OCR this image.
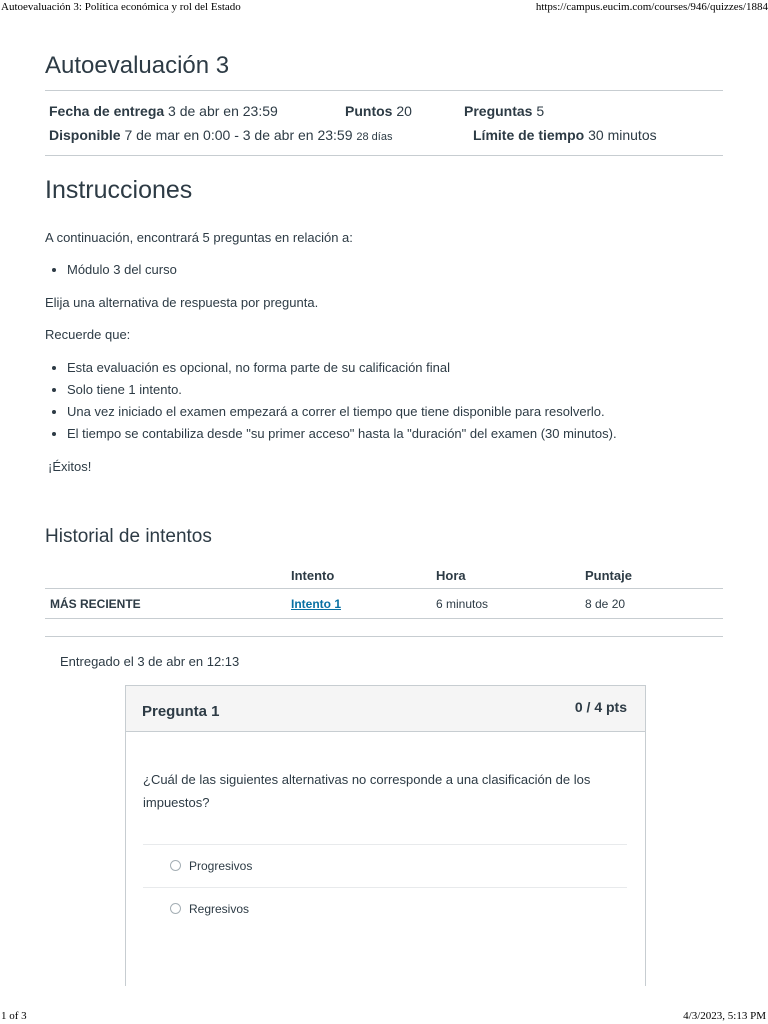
Autoevaluación 3: Política económica y rol del Estado	https://campus.eucim.com/courses/946/quizzes/1884
Autoevaluación 3
Fecha de entrega 3 de abr en 23:59	Puntos 20	Preguntas 5
Disponible 7 de mar en 0:00 - 3 de abr en 23:59 28 días	Límite de tiempo 30 minutos
Instrucciones
A continuación, encontrará 5 preguntas en relación a:
• Módulo 3 del curso
Elija una alternativa de respuesta por pregunta.
Recuerde que:
• Esta evaluación es opcional, no forma parte de su calificación final
• Solo tiene 1 intento.
• Una vez iniciado el examen empezará a correr el tiempo que tiene disponible para resolverlo.
• El tiempo se contabiliza desde "su primer acceso" hasta la "duración" del examen (30 minutos).
¡Éxitos!
Historial de intentos
	Intento	Hora	Puntaje
MÁS RECIENTE	Intento 1	6 minutos	8 de 20
Entregado el 3 de abr en 12:13
Pregunta 1	0 / 4 pts
¿Cuál de las siguientes alternativas no corresponde a una clasificación de los impuestos?
Progresivos
Regresivos
1 of 3	4/3/2023, 5:13 PM
